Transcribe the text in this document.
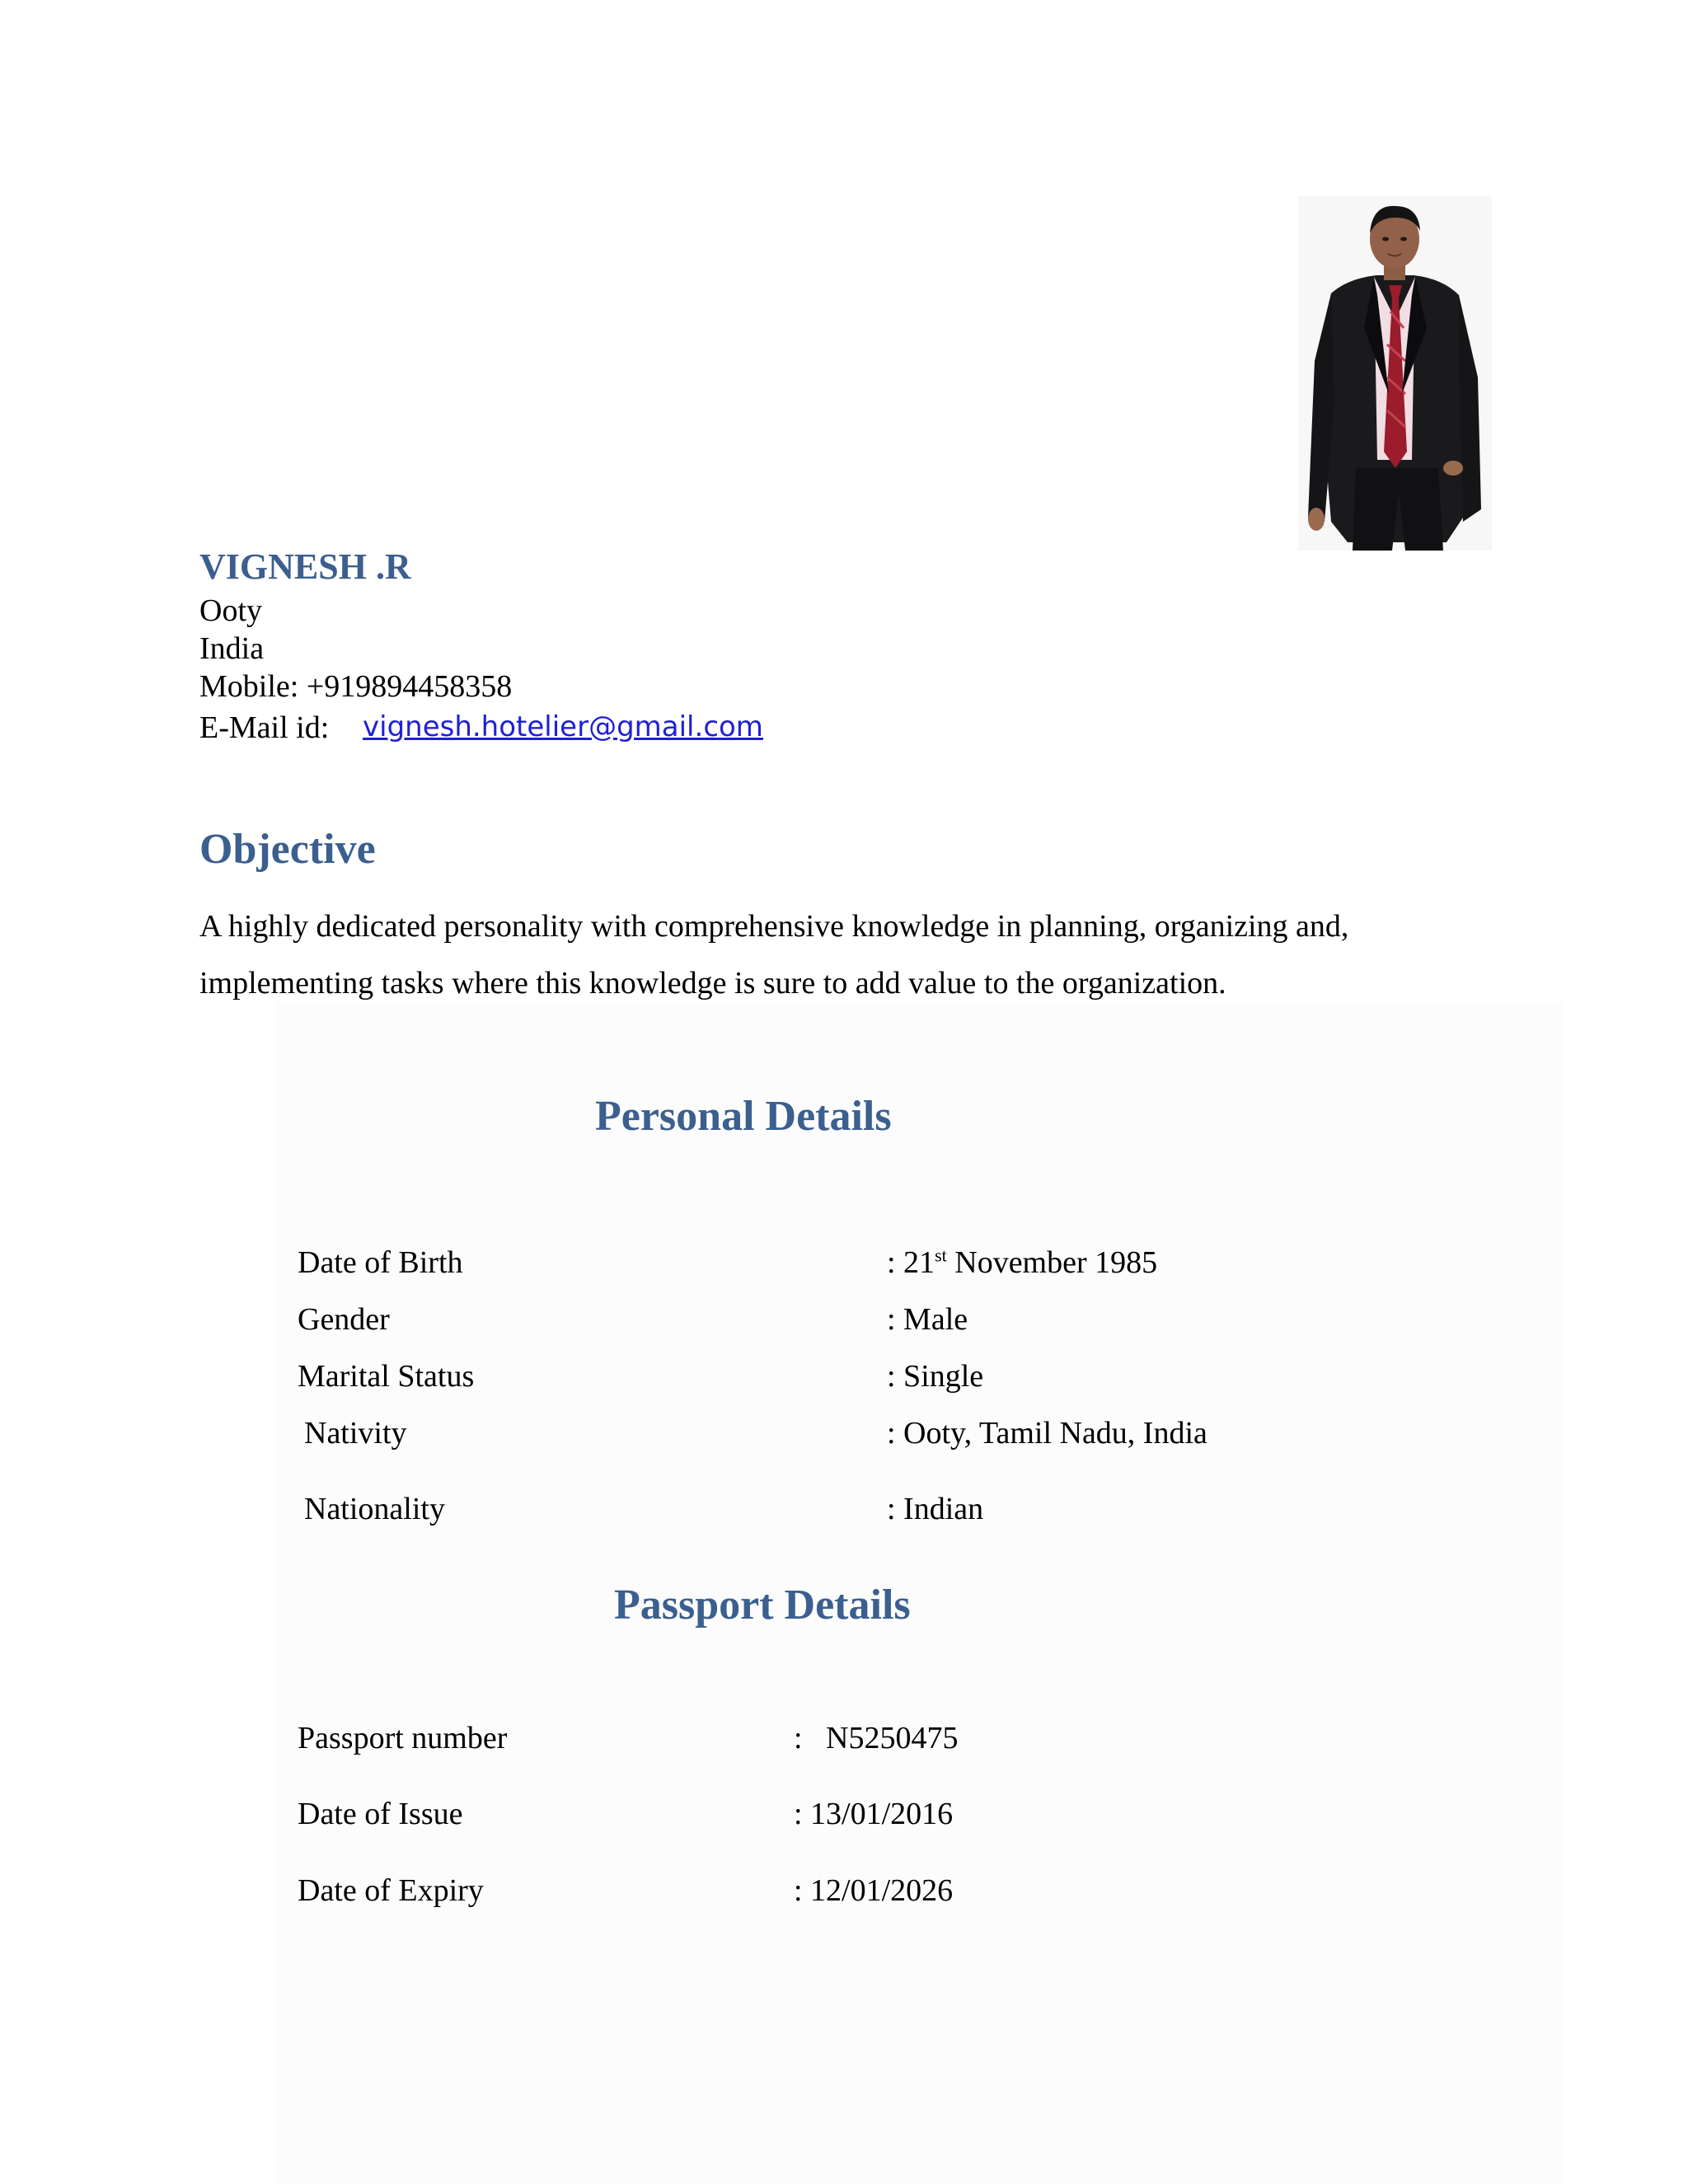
VIGNESH .R
Ooty
India
Mobile: +919894458358
E-Mail id: vignesh.hotelier@gmail.com
Objective
A highly dedicated personality with comprehensive knowledge in planning, organizing and, implementing tasks where this knowledge is sure to add value to the organization.
Personal Details
Date of Birth	: 21st November 1985
Gender	: Male
Marital Status	: Single
Nativity	: Ooty, Tamil Nadu, India
Nationality	: Indian
Passport Details
Passport number	:   N5250475
Date of Issue	: 13/01/2016
Date of Expiry	: 12/01/2026
